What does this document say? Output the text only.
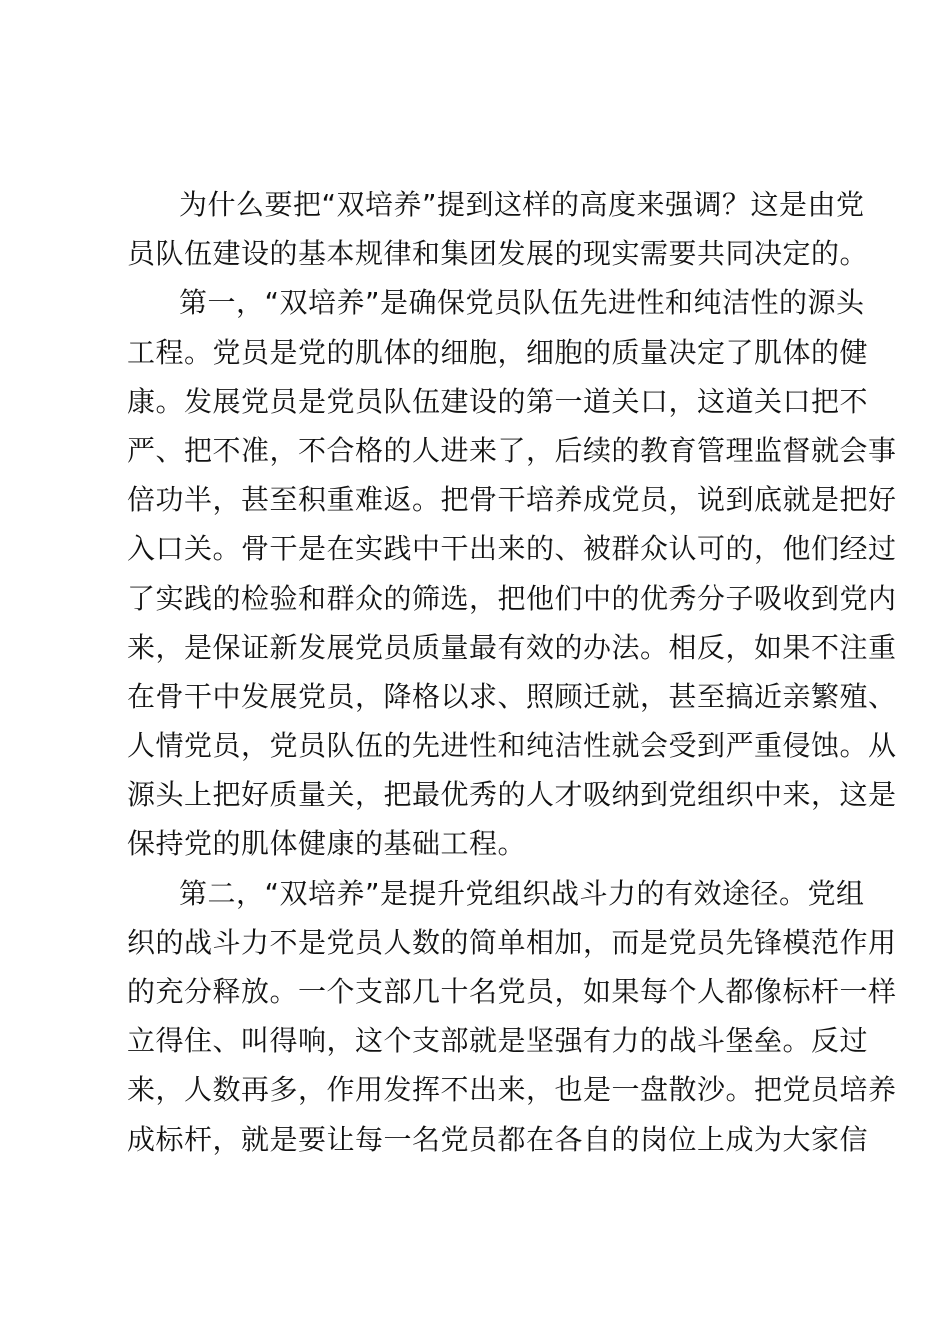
为什么要把“双培养”提到这样的高度来强调？这是由党
员队伍建设的基本规律和集团发展的现实需要共同决定的。
第一，“双培养”是确保党员队伍先进性和纯洁性的源头
工程。党员是党的肌体的细胞，细胞的质量决定了肌体的健
康。发展党员是党员队伍建设的第一道关口，这道关口把不
严、把不准，不合格的人进来了，后续的教育管理监督就会事
倍功半，甚至积重难返。把骨干培养成党员，说到底就是把好
入口关。骨干是在实践中干出来的、被群众认可的，他们经过
了实践的检验和群众的筛选，把他们中的优秀分子吸收到党内
来，是保证新发展党员质量最有效的办法。相反，如果不注重
在骨干中发展党员，降格以求、照顾迁就，甚至搞近亲繁殖、
人情党员，党员队伍的先进性和纯洁性就会受到严重侵蚀。从
源头上把好质量关，把最优秀的人才吸纳到党组织中来，这是
保持党的肌体健康的基础工程。
第二，“双培养”是提升党组织战斗力的有效途径。党组
织的战斗力不是党员人数的简单相加，而是党员先锋模范作用
的充分释放。一个支部几十名党员，如果每个人都像标杆一样
立得住、叫得响，这个支部就是坚强有力的战斗堡垒。反过
来，人数再多，作用发挥不出来，也是一盘散沙。把党员培养
成标杆，就是要让每一名党员都在各自的岗位上成为大家信
